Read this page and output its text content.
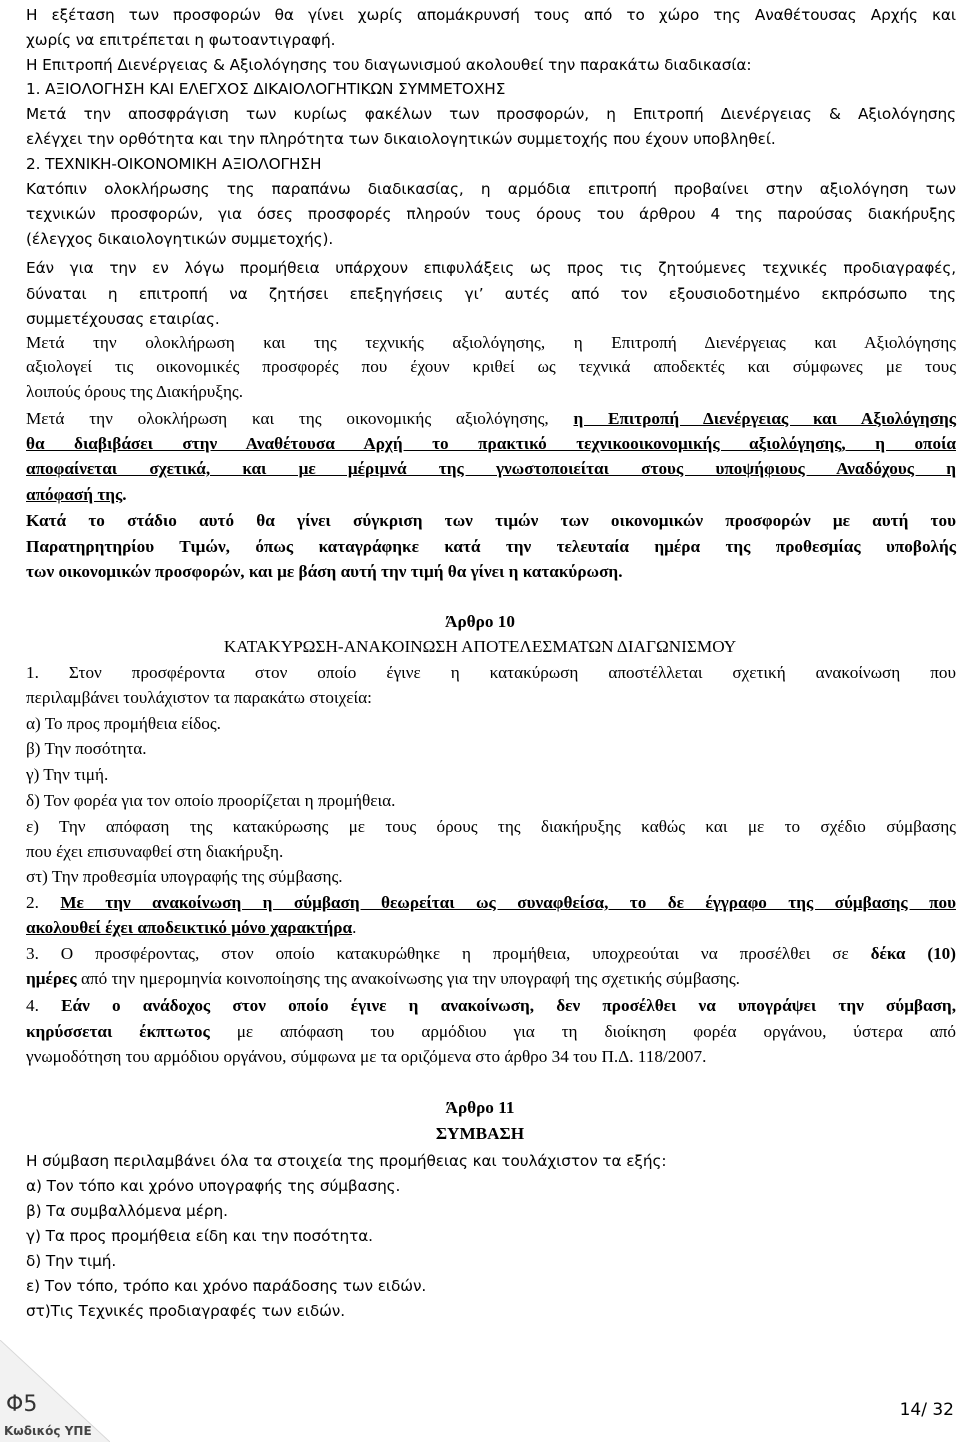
Η εξέταση των προσφορών θα γίνει χωρίς απομάκρυνσή τους από το χώρο της Αναθέτουσας Αρχής και
χωρίς να επιτρέπεται η φωτοαντιγραφή.
Η Επιτροπή Διενέργειας & Αξιολόγησης του διαγωνισμού ακολουθεί την παρακάτω διαδικασία:
1. ΑΞΙΟΛΟΓΗΣΗ ΚΑΙ ΕΛΕΓΧΟΣ ΔΙΚΑΙΟΛΟΓΗΤΙΚΩΝ ΣΥΜΜΕΤΟΧΗΣ
Μετά την αποσφράγιση των κυρίως φακέλων των προσφορών, η Επιτροπή Διενέργειας & Αξιολόγησης
ελέγχει την ορθότητα και την πληρότητα των δικαιολογητικών συμμετοχής που έχουν υποβληθεί.
2. ΤΕΧΝΙΚΗ-ΟΙΚΟΝΟΜΙΚΗ ΑΞΙΟΛΟΓΗΣΗ
Κατόπιν ολοκλήρωσης της παραπάνω διαδικασίας, η αρμόδια επιτροπή προβαίνει στην αξιολόγηση των
τεχνικών προσφορών, για όσες προσφορές πληρούν τους όρους του άρθρου 4 της παρούσας διακήρυξης
(έλεγχος δικαιολογητικών συμμετοχής).
Εάν για την εν λόγω προμήθεια υπάρχουν επιφυλάξεις ως προς τις ζητούμενες τεχνικές προδιαγραφές,
δύναται η επιτροπή να ζητήσει επεξηγήσεις γι’ αυτές από τον εξουσιοδοτημένο εκπρόσωπο της
συμμετέχουσας εταιρίας.
Μετά την ολοκλήρωση και της τεχνικής αξιολόγησης, η Επιτροπή Διενέργειας και Αξιολόγησης
αξιολογεί τις οικονομικές προσφορές που έχουν κριθεί ως τεχνικά αποδεκτές και σύμφωνες με τους
λοιπούς όρους της Διακήρυξης.
Μετά την ολοκλήρωση και της οικονομικής αξιολόγησης, η Επιτροπή Διενέργειας και Αξιολόγησης
θα διαβιβάσει στην Αναθέτουσα Αρχή το πρακτικό τεχνικοοικονομικής αξιολόγησης, η οποία
αποφαίνεται σχετικά, και με μέριμνά της γνωστοποιείται στους υποψήφιους Αναδόχους η
απόφασή της.
Κατά το στάδιο αυτό θα γίνει σύγκριση των τιμών των οικονομικών προσφορών με αυτή του
Παρατηρητηρίου Τιμών, όπως καταγράφηκε κατά την τελευταία ημέρα της προθεσμίας υποβολής
των οικονομικών προσφορών, και με βάση αυτή την τιμή θα γίνει η κατακύρωση.
Άρθρο 10
ΚΑΤΑΚΥΡΩΣΗ-ΑΝΑΚΟΙΝΩΣΗ ΑΠΟΤΕΛΕΣΜΑΤΩΝ ΔΙΑΓΩΝΙΣΜΟΥ
1. Στον προσφέροντα στον οποίο έγινε η κατακύρωση αποστέλλεται σχετική ανακοίνωση που
περιλαμβάνει τουλάχιστον τα παρακάτω στοιχεία:
α) Το προς προμήθεια είδος.
β) Την ποσότητα.
γ) Την τιμή.
δ) Τον φορέα για τον οποίο προορίζεται η προμήθεια.
ε) Την απόφαση της κατακύρωσης με τους όρους της διακήρυξης καθώς και με το σχέδιο σύμβασης
που έχει επισυναφθεί στη διακήρυξη.
στ) Την προθεσμία υπογραφής της σύμβασης.
2. Με την ανακοίνωση η σύμβαση θεωρείται ως συναφθείσα, το δε έγγραφο της σύμβασης που
ακολουθεί έχει αποδεικτικό μόνο χαρακτήρα.
3. Ο προσφέροντας, στον οποίο κατακυρώθηκε η προμήθεια, υποχρεούται να προσέλθει σε δέκα (10)
ημέρες από την ημερομηνία κοινοποίησης της ανακοίνωσης για την υπογραφή της σχετικής σύμβασης.
4. Εάν ο ανάδοχος στον οποίο έγινε η ανακοίνωση, δεν προσέλθει να υπογράψει την σύμβαση,
κηρύσσεται έκπτωτος με απόφαση του αρμόδιου για τη διοίκηση φορέα οργάνου, ύστερα από
γνωμοδότηση του αρμόδιου οργάνου, σύμφωνα με τα οριζόμενα στο άρθρο 34 του Π.Δ. 118/2007.
Άρθρο 11
ΣΥΜΒΑΣΗ
Η σύμβαση περιλαμβάνει όλα τα στοιχεία της προμήθειας και τουλάχιστον τα εξής:
α) Τον τόπο και χρόνο υπογραφής της σύμβασης.
β) Τα συμβαλλόμενα μέρη.
γ) Τα προς προμήθεια είδη και την ποσότητα.
δ) Την τιμή.
ε) Τον τόπο, τρόπο και χρόνο παράδοσης των ειδών.
στ)Τις Τεχνικές προδιαγραφές των ειδών.
Φ5
Κωδικός ΥΠΕ
14/ 32
